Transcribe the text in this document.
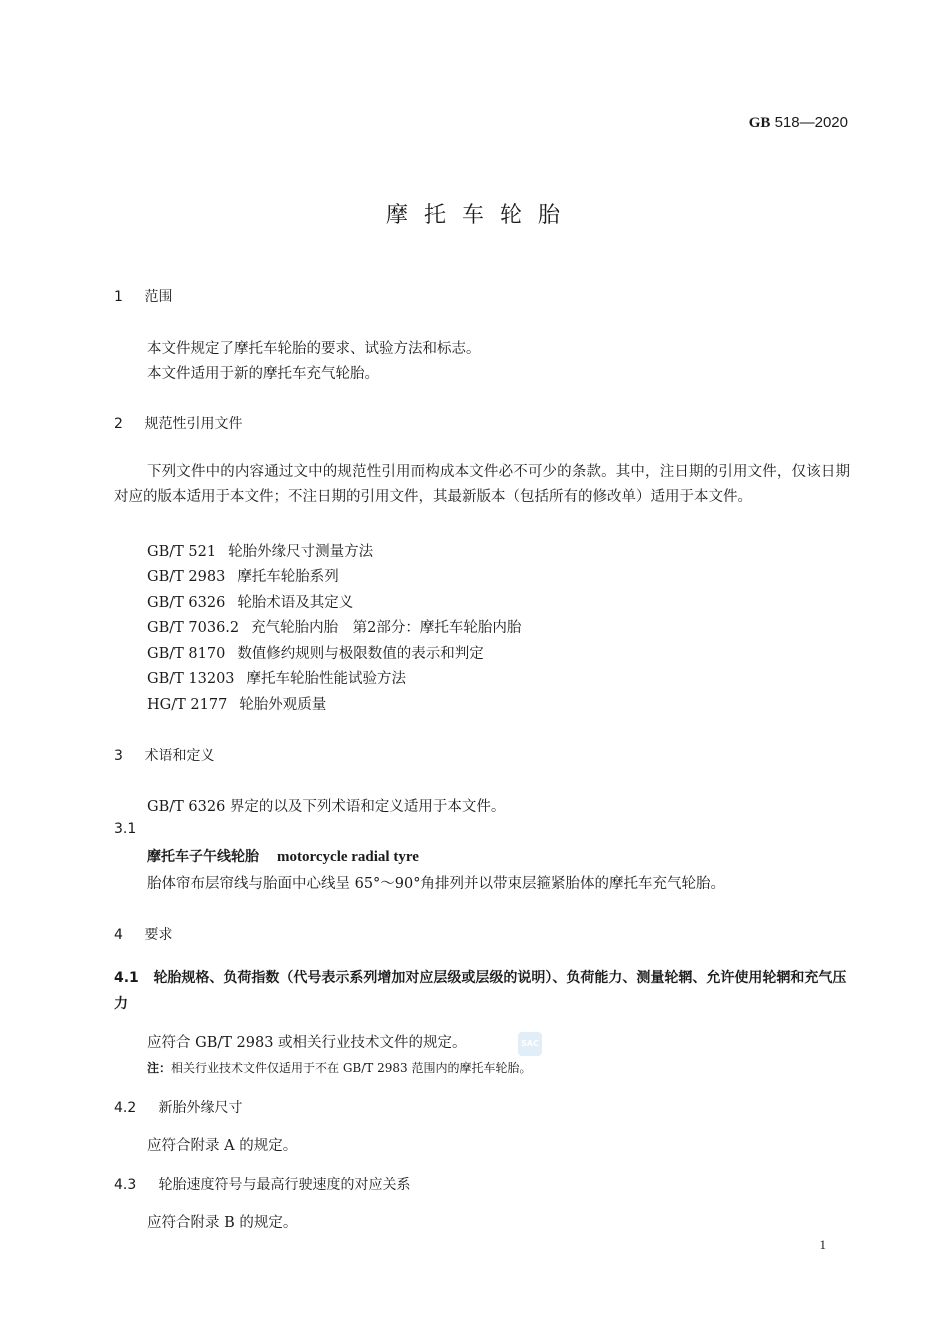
GB 518—2020
摩托车轮胎
1 范围
本文件规定了摩托车轮胎的要求、试验方法和标志。
本文件适用于新的摩托车充气轮胎。
2 规范性引用文件
下列文件中的内容通过文中的规范性引用而构成本文件必不可少的条款。其中，注日期的引用文件，仅该日期对应的版本适用于本文件；不注日期的引用文件，其最新版本（包括所有的修改单）适用于本文件。
GB/T 521 轮胎外缘尺寸测量方法
GB/T 2983 摩托车轮胎系列
GB/T 6326 轮胎术语及其定义
GB/T 7036.2 充气轮胎内胎　第2部分：摩托车轮胎内胎
GB/T 8170 数值修约规则与极限数值的表示和判定
GB/T 13203 摩托车轮胎性能试验方法
HG/T 2177 轮胎外观质量
3 术语和定义
GB/T 6326 界定的以及下列术语和定义适用于本文件。
3.1
摩托车子午线轮胎 motorcycle radial tyre
胎体帘布层帘线与胎面中心线呈 65°～90°角排列并以带束层箍紧胎体的摩托车充气轮胎。
4 要求
4.1 轮胎规格、负荷指数（代号表示系列增加对应层级或层级的说明）、负荷能力、测量轮辋、允许使用轮辋和充气压力
应符合 GB/T 2983 或相关行业技术文件的规定。	SAC
注：相关行业技术文件仅适用于不在 GB/T 2983 范围内的摩托车轮胎。
4.2 新胎外缘尺寸
应符合附录 A 的规定。
4.3 轮胎速度符号与最高行驶速度的对应关系
应符合附录 B 的规定。
1
